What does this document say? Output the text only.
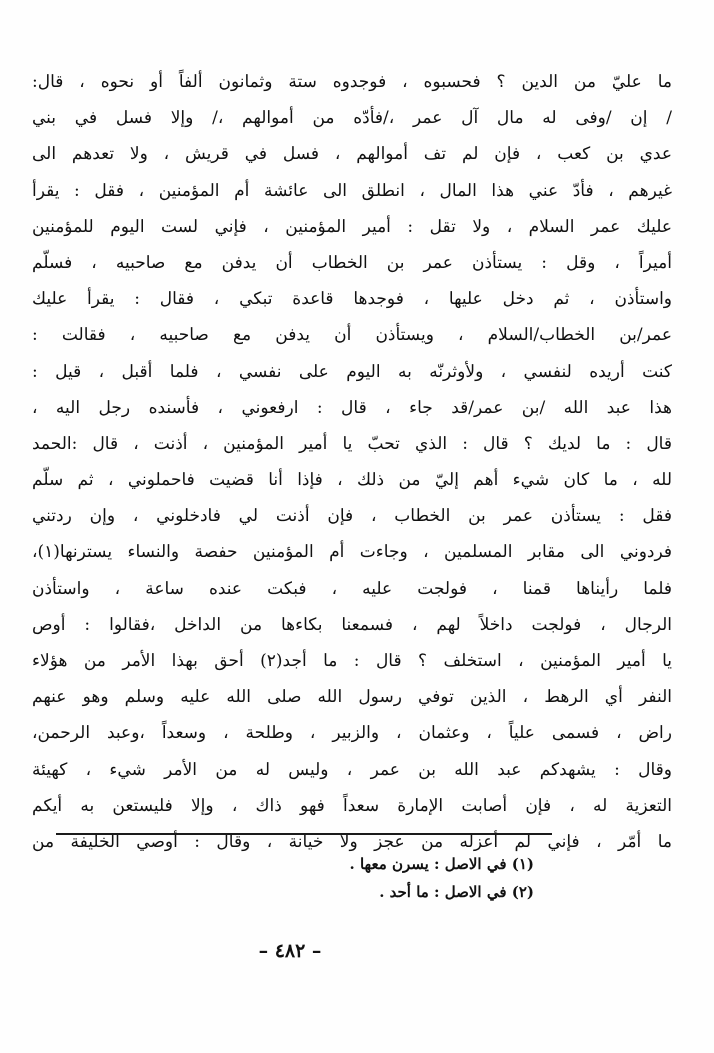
ما عليّ من الدين ؟ فحسبوه ، فوجدوه ستة وثمانون ألفاً أو نحوه ، قال:
/ إن /وفى له مال آل عمر ،/فأدّه من أموالهم ،/ وإلا فسل في بني
عدي بن كعب ، فإن لم تف أموالهم ، فسل في قريش ، ولا تعدهم الى
غيرهم ، فأدّ عني هذا المال ، انطلق الى عائشة أم المؤمنين ، فقل : يقرأ
عليك عمر السلام ، ولا تقل : أمير المؤمنين ، فإني لست اليوم للمؤمنين
أميراً ، وقل : يستأذن عمر بن الخطاب أن يدفن مع صاحبيه ، فسلّم
واستأذن ، ثم دخل عليها ، فوجدها قاعدة تبكي ، فقال : يقرأ عليك
عمر/بن الخطاب/السلام ، ويستأذن أن يدفن مع صاحبيه ، فقالت :
كنت أريده لنفسي ، ولأوثرنّه به اليوم على نفسي ، فلما أقبل ، قيل :
هذا عبد الله /بن عمر/قد جاء ، قال : ارفعوني ، فأسنده رجل اليه ،
قال : ما لديك ؟ قال : الذي تحبّ يا أمير المؤمنين ، أذنت ، قال :الحمد
لله ، ما كان شيء أهم إليّ من ذلك ، فإذا أنا قضيت فاحملوني ، ثم سلّم
فقل : يستأذن عمر بن الخطاب ، فإن أذنت لي فادخلوني ، وإن ردتني
فردوني الى مقابر المسلمين ، وجاءت أم المؤمنين حفصة والنساء يسترنها(١)،
فلما رأيناها قمنا ، فولجت عليه ، فبكت عنده ساعة ، واستأذن
الرجال ، فولجت داخلاً لهم ، فسمعنا بكاءها من الداخل ،فقالوا : أوص
يا أمير المؤمنين ، استخلف ؟ قال : ما أجد(٢) أحق بهذا الأمر من هؤلاء
النفر أي الرهط ، الذين توفي رسول الله صلى الله عليه وسلم وهو عنهم
راض ، فسمى علياً ، وعثمان ، والزبير ، وطلحة ، وسعداً ،وعبد الرحمن،
وقال : يشهدكم عبد الله بن عمر ، وليس له من الأمر شيء ، كهيئة
التعزية له ، فإن أصابت الإمارة سعداً فهو ذاك ، وإلا فليستعن به أيكم
ما أمّر ، فإني لم أعزله من عجز ولا خيانة ، وقال : أوصي الخليفة من
(١) في الاصل : يسرن معها .
(٢) في الاصل : ما أحد .
– ٤٨٢ –
